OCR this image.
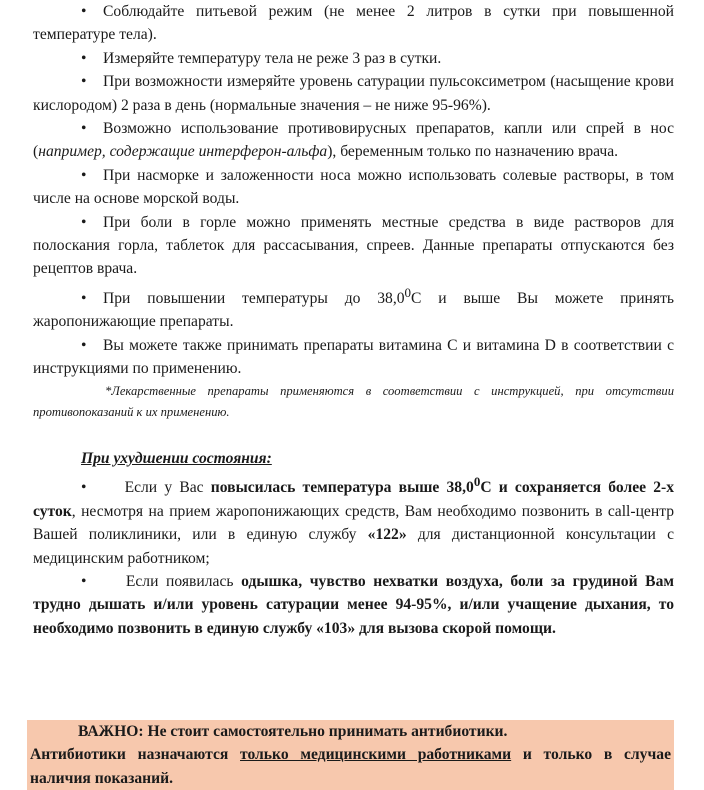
• Соблюдайте питьевой режим (не менее 2 литров в сутки при повышенной температуре тела).

• Измеряйте температуру тела не реже 3 раз в сутки.

• При возможности измеряйте уровень сатурации пульсоксиметром (насыщение крови кислородом) 2 раза в день (нормальные значения – не ниже 95-96%).

• Возможно использование противовирусных препаратов, капли или спрей в нос (например, содержащие интерферон-альфа), беременным только по назначению врача.

• При насморке и заложенности носа можно использовать солевые растворы, в том числе на основе морской воды.

• При боли в горле можно применять местные средства в виде растворов для полоскания горла, таблеток для рассасывания, спреев. Данные препараты отпускаются без рецептов врача.

• При повышении температуры до 38,0$^0$С и выше Вы можете принять жаропонижающие препараты.

• Вы можете также принимать препараты витамина С и витамина D в соответствии с инструкциями по применению.

*Лекарственные препараты применяются в соответствии с инструкцией, при отсутствии противопоказаний к их применению.

При ухудшении состояния:

• Если у Вас повысилась температура выше 38,0$^0$С и сохраняется более 2-х суток, несмотря на прием жаропонижающих средств, Вам необходимо позвонить в call-центр Вашей поликлиники, или в единую службу «122» для дистанционной консультации с медицинским работником;

•	Если появилась одышка, чувство нехватки воздуха, боли за грудиной Вам трудно дышать и/или уровень сатурации менее 94-95%, и/или учащение дыхания, то необходимо позвонить в единую службу «103» для вызова скорой помощи.

ВАЖНО: Не стоит самостоятельно принимать антибиотики.

Антибиотики назначаются только медицинскими работниками и только в случае наличия показаний.
